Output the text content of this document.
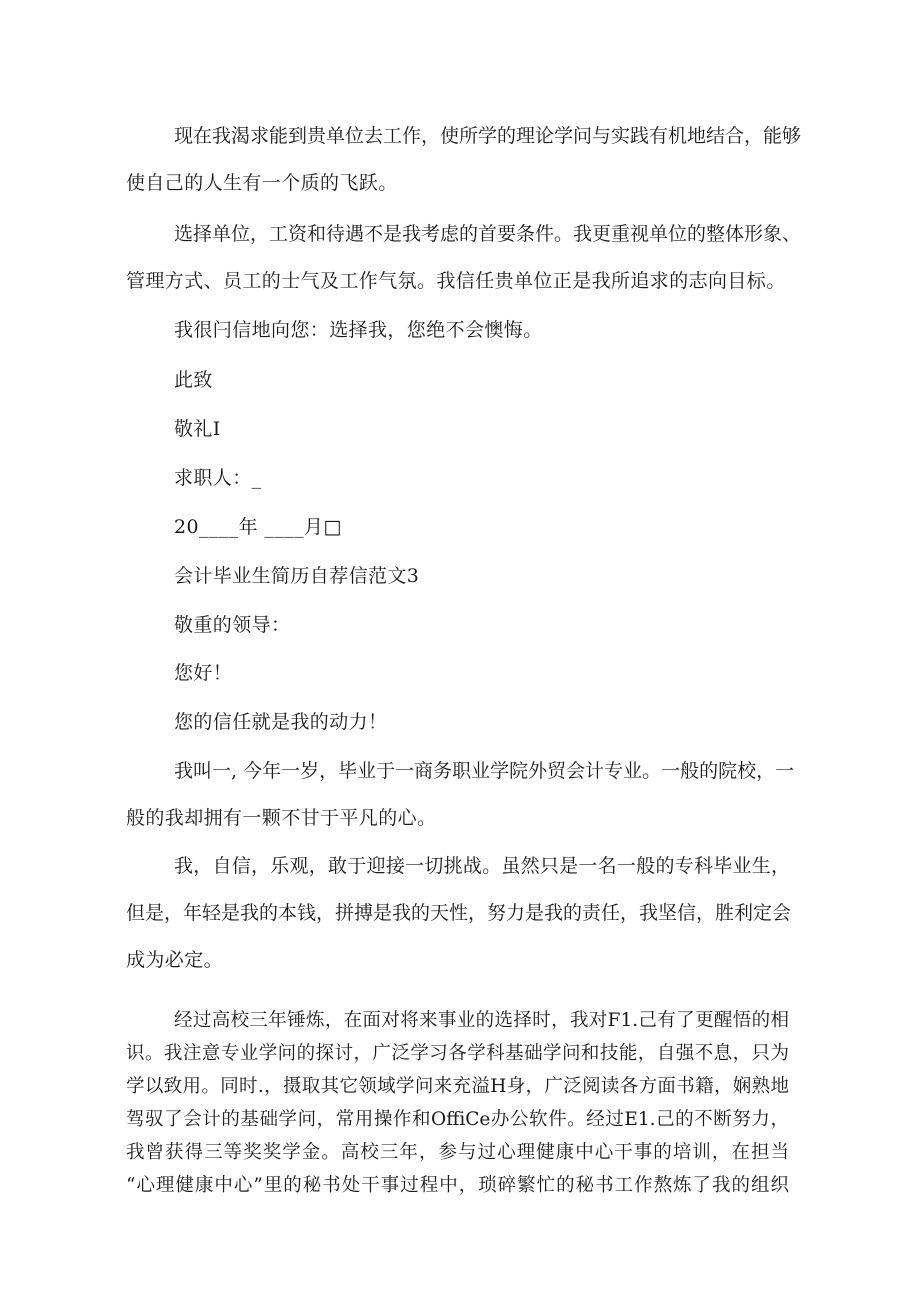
现在我渴求能到贵单位去工作，使所学的理论学问与实践有机地结合，能够
使自己的人生有一个质的飞跃。
选择单位，工资和待遇不是我考虑的首要条件。我更重视单位的整体形象、
管理方式、员工的士气及工作气氛。我信任贵单位正是我所追求的志向目标。
我很闩信地向您：选择我，您绝不会懊悔。
此致
敬礼I
求职人：_
20____年 ____月□
会计毕业生简历自荐信范文3
敬重的领导：
您好！
您的信任就是我的动力！
我叫一, 今年一岁，毕业于一商务职业学院外贸会计专业。一般的院校，一
般的我却拥有一颗不甘于平凡的心。
我，自信，乐观，敢于迎接一切挑战。虽然只是一名一般的专科毕业生，
但是，年轻是我的本钱，拼搏是我的天性，努力是我的责任，我坚信，胜利定会
成为必定。
经过高校三年锤炼，在面对将来事业的选择时，我对F1.己有了更醒悟的相
识。我注意专业学问的探讨，广泛学习各学科基础学问和技能，自强不息，只为
学以致用。同时.，摄取其它领域学问来充溢H身，广泛阅读各方面书籍，娴熟地
驾驭了会计的基础学问，常用操作和OffiCe办公软件。经过E1.己的不断努力，
我曾获得三等奖奖学金。高校三年，参与过心理健康中心干事的培训，在担当
“心理健康中心”里的秘书处干事过程中，琐碎繁忙的秘书工作熬炼了我的组织
